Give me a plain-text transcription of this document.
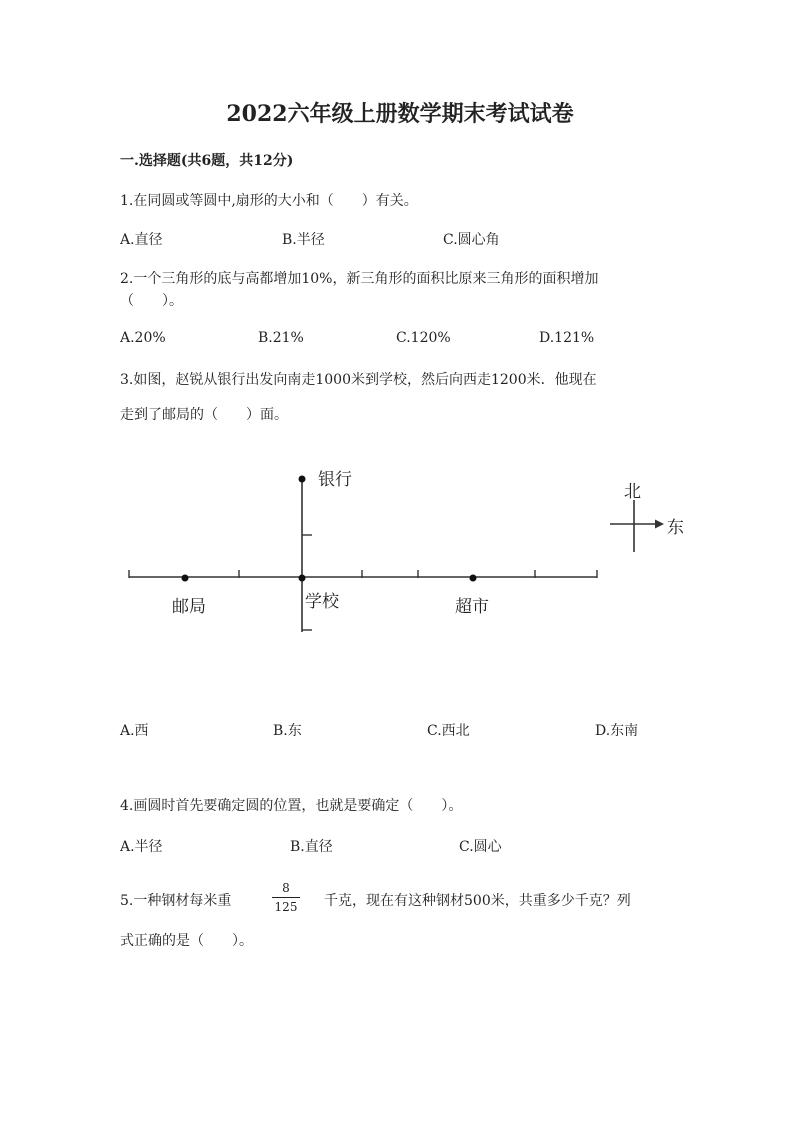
2022六年级上册数学期末考试试卷
一.选择题(共6题，共12分)
1.在同圆或等圆中,扇形的大小和（　　）有关。
A.直径	B.半径	C.圆心角
2.一个三角形的底与高都增加10%，新三角形的面积比原来三角形的面积增加
（　　）。
A.20%	B.21%	C.120%	D.121%
3.如图，赵锐从银行出发向南走1000米到学校，然后向西走1200米．他现在
走到了邮局的（　　）面。
银行
学校
邮局	超市
北
东
A.西	B.东	C.西北	D.东南
4.画圆时首先要确定圆的位置，也就是要确定（　　）。
A.半径	B.直径	C.圆心
5.一种钢材每米重
8
125	千克，现在有这种钢材500米，共重多少千克？列
式正确的是（　　）。
